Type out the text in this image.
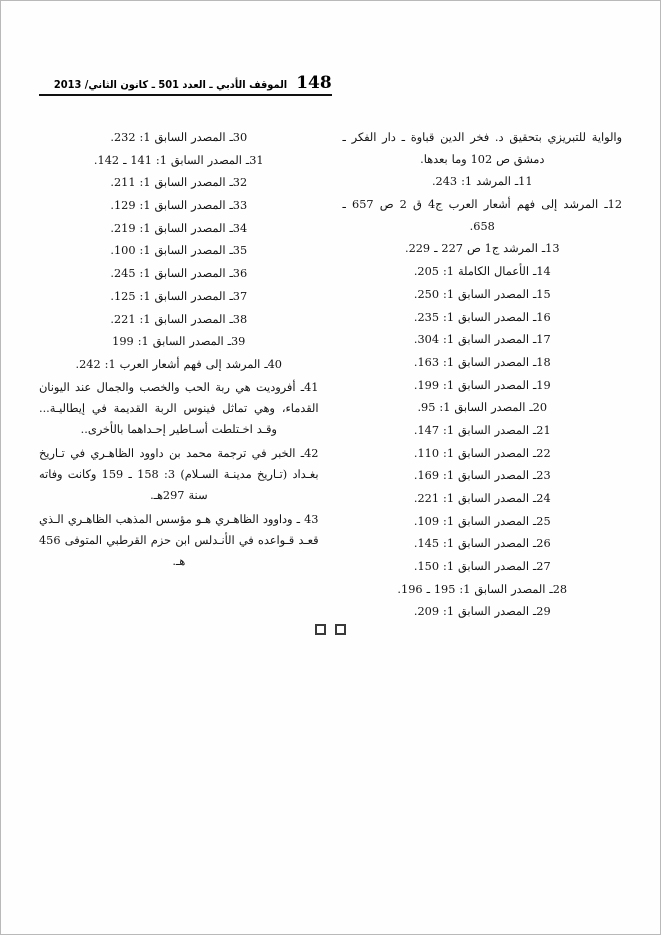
148
الموقف الأدبي ـ العدد 501 ـ كانون الثاني/ 2013

والواية للتبريزي بتحقيق د. فخر الدين قباوة ـ دار الفكر ـ دمشق ص 102 وما بعدها.

11ـ المرشد 1: 243.

12ـ المرشد إلى فهم أشعار العرب ج4 ق 2 ص 657 ـ 658.

13ـ المرشد ج1 ص 227 ـ 229.

14ـ الأعمال الكاملة 1: 205.

15ـ المصدر السابق 1: 250.

16ـ المصدر السابق 1: 235.

17ـ المصدر السابق 1: 304.

18ـ المصدر السابق 1: 163.

19ـ المصدر السابق 1: 199.

20ـ المصدر السابق 1: 95.

21ـ المصدر السابق 1: 147.

22ـ المصدر السابق 1: 110.

23ـ المصدر السابق 1: 169.

24ـ المصدر السابق 1: 221.

25ـ المصدر السابق 1: 109.

26ـ المصدر السابق 1: 145.

27ـ المصدر السابق 1: 150.

28ـ المصدر السابق 1: 195 ـ 196.

29ـ المصدر السابق 1: 209.

30ـ المصدر السابق 1: 232.

31ـ المصدر السابق 1: 141 ـ 142.

32ـ المصدر السابق 1: 211.

33ـ المصدر السابق 1: 129.

34ـ المصدر السابق 1: 219.

35ـ المصدر السابق 1: 100.

36ـ المصدر السابق 1: 245.

37ـ المصدر السابق 1: 125.

38ـ المصدر السابق 1: 221.

39ـ المصدر السابق 1: 199

40ـ المرشد إلى فهم أشعار العرب 1: 242.

41ـ أفروديت هي ربة الحب والخصب والجمال عند اليونان القدماء، وهي تماثل فينوس الربة القديمة في إيطاليـة... وقـد اخـتلطت أسـاطير إحـداهما بالأخرى..

42ـ الخبر في ترجمة محمد بن داوود الظاهـري في تـاريخ بغـداد (تـاريخ مدينـة السـلام) 3: 158 ـ 159 وكانت وفاته سنة 297هـ.

43 ـ وداوود الظاهـري هـو مؤسس المذهب الظاهـري الـذي قعـد قـواعده في الأنـدلس ابن حزم القرطبي المتوفى 456 هـ.
